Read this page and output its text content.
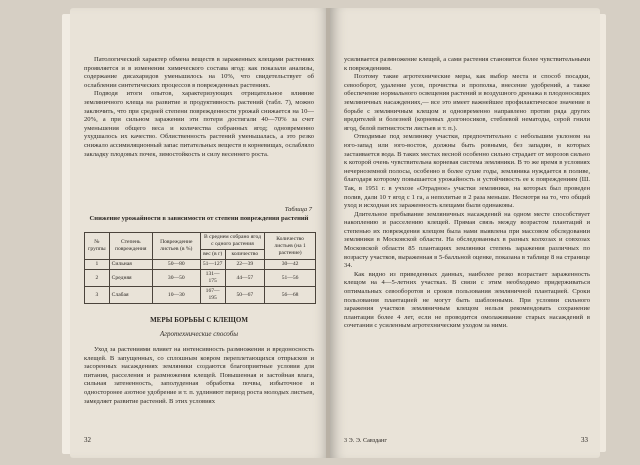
Патологический характер обмена веществ в зараженных клещами растениях проявляется и в изменении химического состава ягод: как показали анализы, содержание дисахаридов уменьшилось на 10%, что свидетельствует об ослаблении синтетических процессов в поврежденных растениях.

Подводя итоги опытов, характеризующих отрицательное влияние земляничного клеща на развитие и продуктивность растений (табл. 7), можно заключить, что при средней степени поврежденности урожай снижается на 10—20%, а при сильном заражении эти потери достигали 40—70% за счет уменьшения общего веса и количества собранных ягод; одновременно ухудшалось их качество. Облиственность растений уменьшалась, а это резко снижало ассимиляционный запас питательных веществ в корневищах, ослабляло закладку плодовых почек, зимостойкость и силу весеннего роста.

Таблица 7
Снижение урожайности в зависимости от степени повреждения растений
№ группы	Степень повреждения	Повреждение листьев (в %)	В среднем собрано ягод с одного растения		Количество листьев (на 1 растение)
			вес (в г)	количество	
1	Сильная	50—80	51—127	22—39	30—42
2	Средняя	30—50	131—175	44—57	51—56
3	Слабая	10—30	167—195	50—67	56—68
МЕРЫ БОРЬБЫ С КЛЕЩОМ
Агротехнические способы

Уход за растениями влияет на интенсивность размножения и вредоносность клещей. В запущенных, со сплошным ковром переплетающихся отпрысков и засоренных насаждениях земляники создаются благоприятные условия для питания, расселения и размножения клещей. Повышенная и застойная влага, сильная затененность, заполуденная обработка почвы, избыточное и односторонее азотное удобрение и т. п. удлиняют период роста молодых листьев, замедляет развитие растений. В этих условиях

32

усиливается размножение клещей, а сами растения становятся более чувствительными к повреждениям.

Поэтому такие агротехнические меры, как выбор места и способ посадки, севооборот, удаление усов, прочистка и прополка, внесение удобрений, а также обеспечение нормального освещения растений и воздушного дренажа в плодоносящих земляничных насаждениях,— все это имеет важнейшее профилактическое значение в борьбе с земляничным клещом и одновременно направлено против ряда других вредителей и болезней (корневых долгоносиков, стеблевой нематоды, серой гнили ягод, белой пятнистости листьев и т. п.).

Отводимые под землянику участки, предпочтительно с небольшим уклоном на юго-запад или юго-восток, должны быть ровными, без западин, в которых застаивается вода. В таких местах весной особенно сильно страдает от морозов сильно к которой очень чувствительна корневая система земляники. В то же время в условиях нечерноземной полосы, особенно в более сухие годы, земляника нуждается в поливе, благодаря которому повышается урожайность и устойчивость ее к повреждениям (Ш. Так, в 1951 г. в учхозе «Отрадное» участки земляники, на которых был проведен полив, дали 10 т ягод с 1 га, а неполитые в 2 раза меньше. Несмотря на то, что общий уход и исходная их зараженность клещами были одинаковы.

Длительное пребывание земляничных насаждений на одном месте способствует накоплению и расселению клещей. Прямая связь между возрастом плантаций и степенью их повреждения клещом была нами выявлена при массовом обследовании земляники в Московской области. На обследованных в разных колхозах и совхозах Московской области 85 плантациях земляники степень заражения различных по возрасту участков, выраженная в 5-балльной оценке, показана в таблице 8 на странице 34.

Как видно из приведенных данных, наиболее резко возрастает зараженность клещом на 4—5-летних участках. В связи с этим необходимо придерживаться оптимальных севооборотов и сроков пользования земляничной плантацией. Сроки пользования плантацией не могут быть шаблонными. При условии сильного заражения участков земляничным клещом нельзя рекомендовать сохранение плантации более 4 лет, если не проводится омолаживание старых насаждений в сочетании с усиленным агротехническим уходом за ними.

3 Э. Э. Савзданг	33
